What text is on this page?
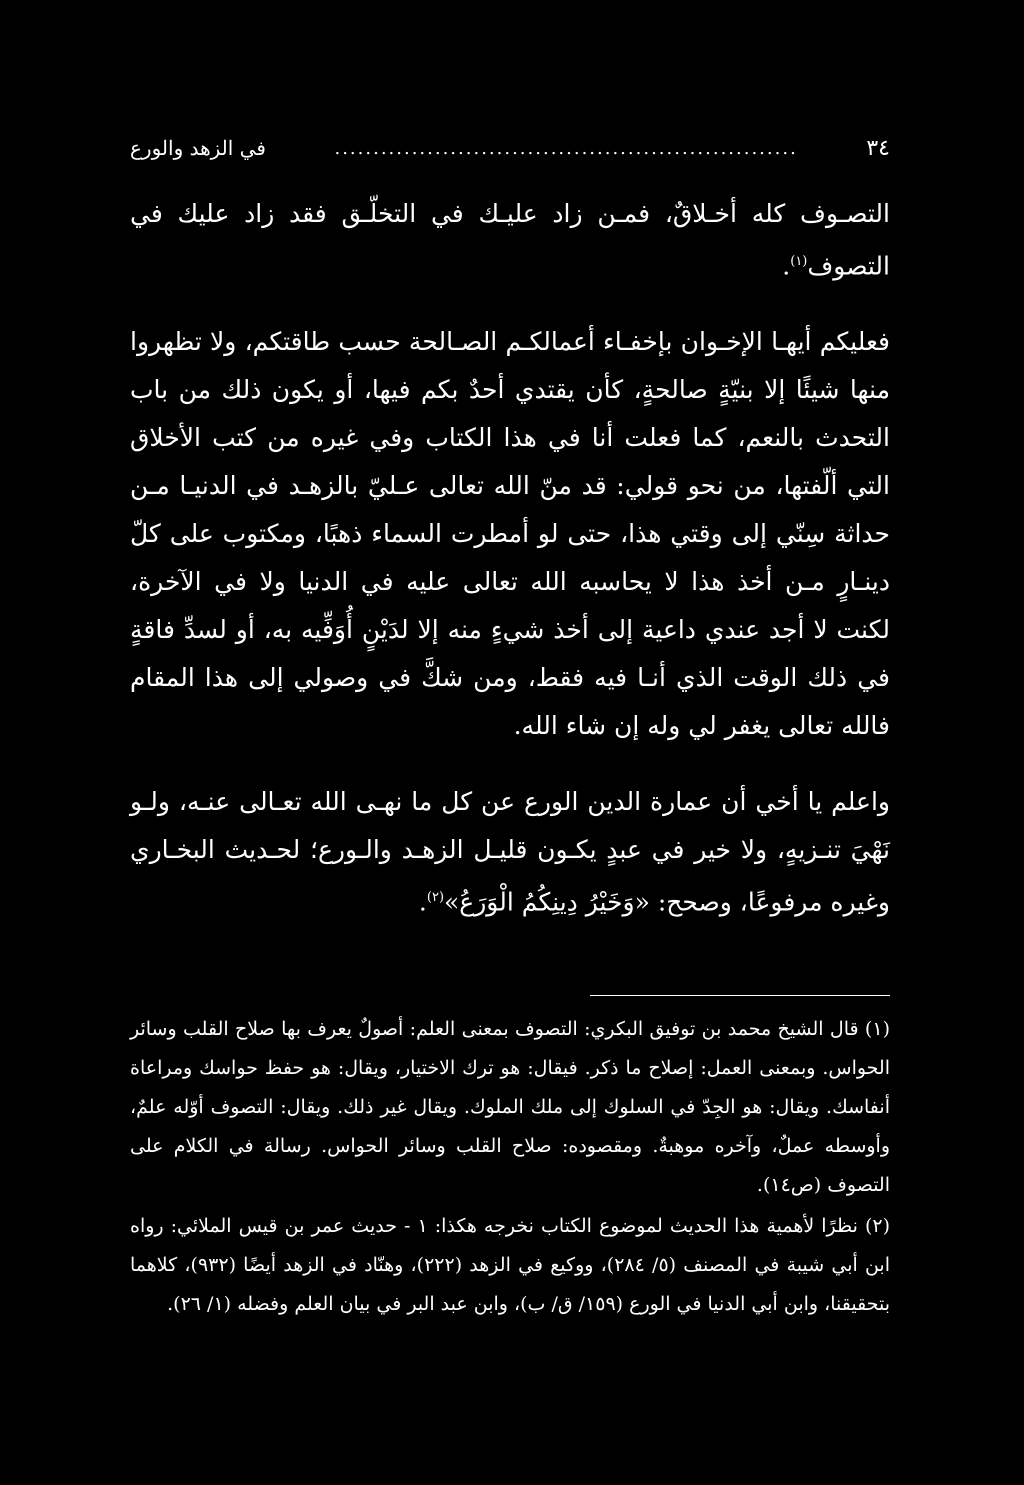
٣٤
............................................................
في الزهد والورع

التصـوف كله أخـلاقٌ، فمـن زاد عليـك في التخلّـق فقد زاد عليك في التصوف$^{(١)}$.

فعليكم أيهـا الإخـوان بإخفـاء أعمالكـم الصـالحة حسب طاقتكم، ولا تظهروا منها شيئًا إلا بنيّةٍ صالحةٍ، كأن يقتدي أحدٌ بكم فيها، أو يكون ذلك من باب التحدث بالنعم، كما فعلت أنا في هذا الكتاب وفي غيره من كتب الأخلاق التي ألّفتها، من نحو قولي: قد منّ الله تعالى عـليّ بالزهـد في الدنيـا مـن حداثة سِنّي إلى وقتي هذا، حتى لو أمطرت السماء ذهبًا، ومكتوب على كلّ دينـارٍ مـن أخذ هذا لا يحاسبه الله تعالى عليه في الدنيا ولا في الآخرة، لكنت لا أجد عندي داعية إلى أخذ شيءٍ منه إلا لدَيْنٍ أُوَفِّيه به، أو لسدِّ فاقةٍ في ذلك الوقت الذي أنـا فيه فقط، ومن شكَّ في وصولي إلى هذا المقام فالله تعالى يغفر لي وله إن شاء الله.

واعلم يا أخي أن عمارة الدين الورع عن كل ما نهـى الله تعـالى عنـه، ولـو نَهْيَ تنـزيهٍ، ولا خير في عبدٍ يكـون قليـل الزهـد والـورع؛ لحـديث البخـاري وغيره مرفوعًا، وصحح: «وَخَيْرُ دِينِكُمُ الْوَرَعُ»$^{(٢)}$.

(١) قال الشيخ محمد بن توفيق البكري: التصوف بمعنى العلم: أصولٌ يعرف بها صلاح القلب وسائر الحواس. وبمعنى العمل: إصلاح ما ذكر. فيقال: هو ترك الاختيار، ويقال: هو حفظ حواسك ومراعاة أنفاسك. ويقال: هو الجِدّ في السلوك إلى ملك الملوك. ويقال غير ذلك. ويقال: التصوف أوّله علمٌ، وأوسطه عملٌ، وآخره موهبةٌ. ومقصوده: صلاح القلب وسائر الحواس. رسالة في الكلام على التصوف (ص١٤).

(٢) نظرًا لأهمية هذا الحديث لموضوع الكتاب نخرجه هكذا: ١ - حديث عمر بن قيس الملائي: رواه ابن أبي شيبة في المصنف (٥/ ٢٨٤)، ووكيع في الزهد (٢٢٢)، وهنّاد في الزهد أيضًا (٩٣٢)، كلاهما بتحقيقنا، وابن أبي الدنيا في الورع (١٥٩/ ق/ ب)، وابن عبد البر في بيان العلم وفضله (١/ ٢٦).
